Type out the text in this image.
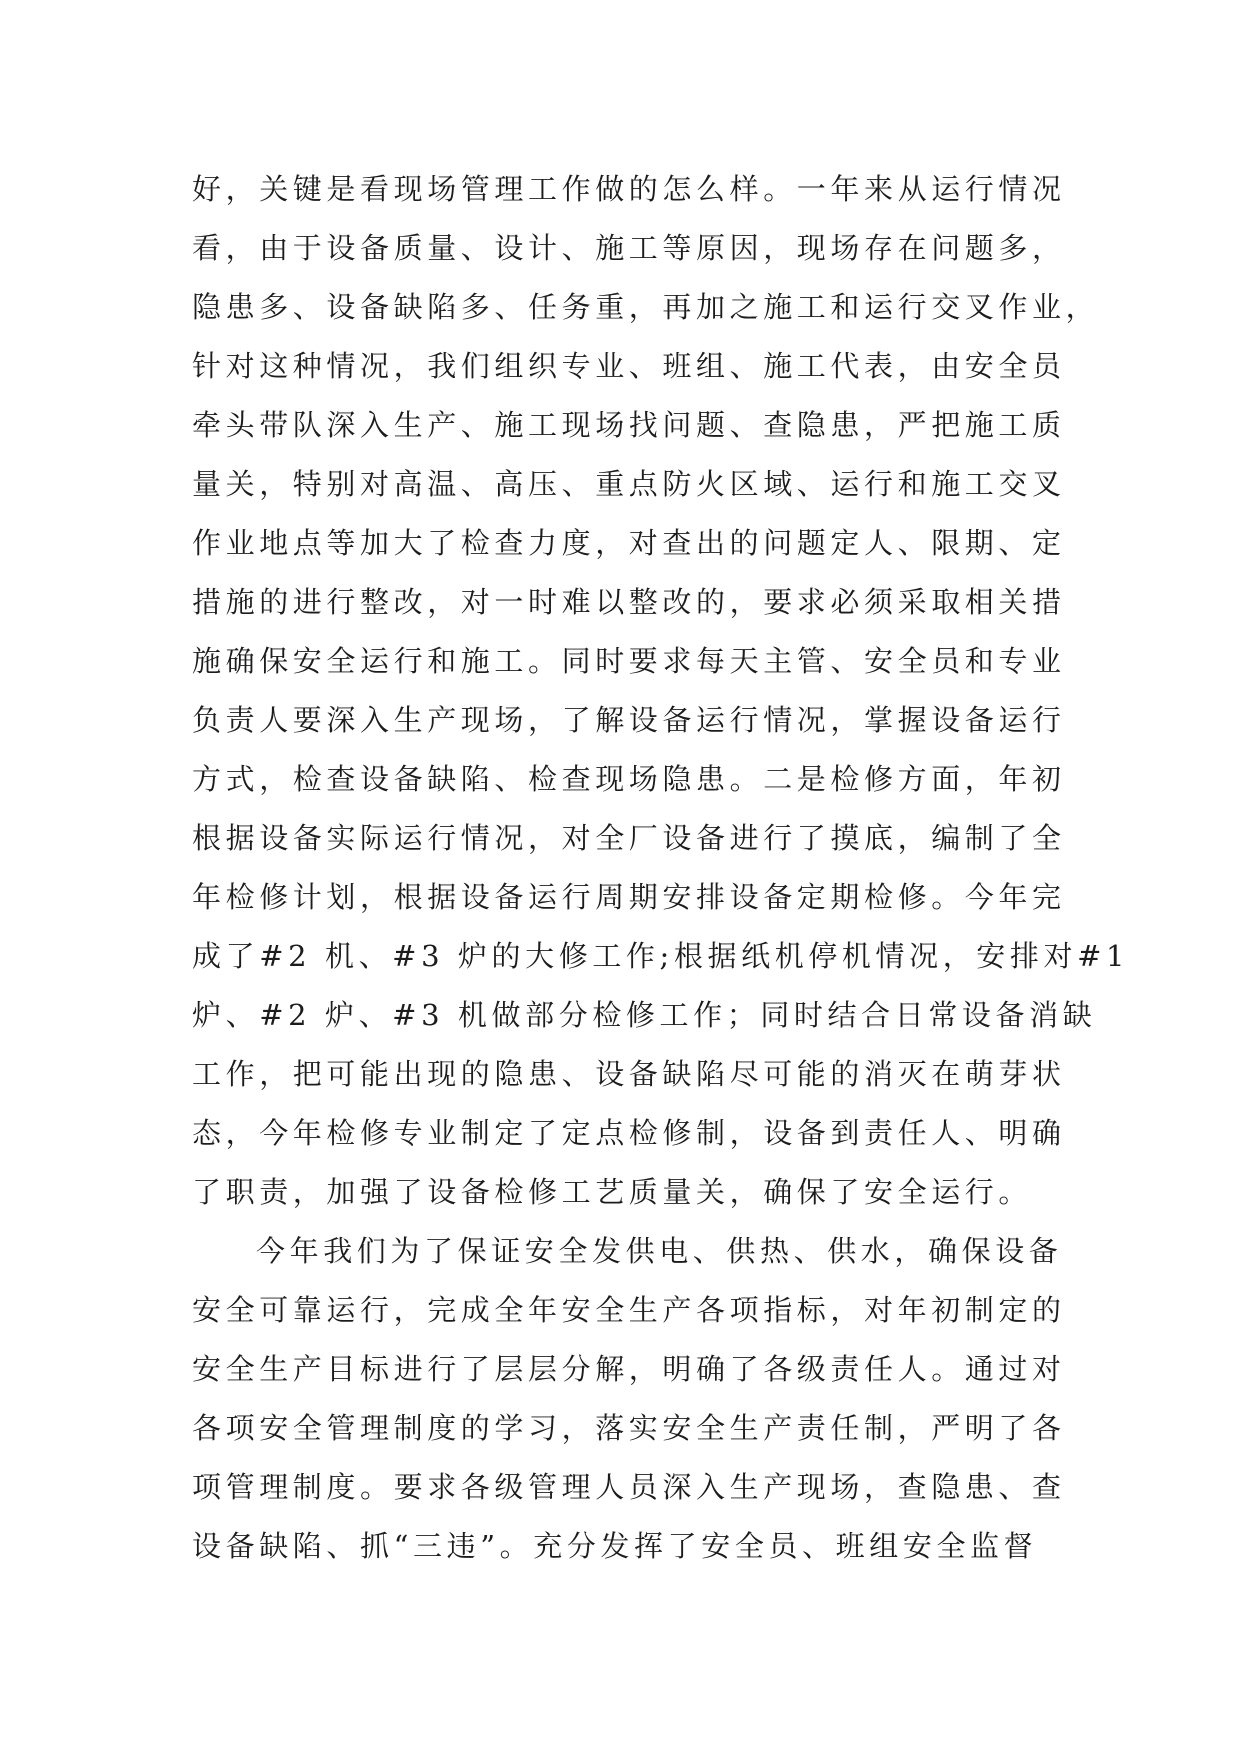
好，关键是看现场管理工作做的怎么样。一年来从运行情况
看，由于设备质量、设计、施工等原因，现场存在问题多，
隐患多、设备缺陷多、任务重，再加之施工和运行交叉作业，
针对这种情况，我们组织专业、班组、施工代表，由安全员
牵头带队深入生产、施工现场找问题、查隐患，严把施工质
量关，特别对高温、高压、重点防火区域、运行和施工交叉
作业地点等加大了检查力度，对查出的问题定人、限期、定
措施的进行整改，对一时难以整改的，要求必须采取相关措
施确保安全运行和施工。同时要求每天主管、安全员和专业
负责人要深入生产现场，了解设备运行情况，掌握设备运行
方式，检查设备缺陷、检查现场隐患。二是检修方面，年初
根据设备实际运行情况，对全厂设备进行了摸底，编制了全
年检修计划，根据设备运行周期安排设备定期检修。今年完
成了#2 机、#3 炉的大修工作;根据纸机停机情况，安排对#1
炉、#2 炉、#3 机做部分检修工作；同时结合日常设备消缺
工作，把可能出现的隐患、设备缺陷尽可能的消灭在萌芽状
态，今年检修专业制定了定点检修制，设备到责任人、明确
了职责，加强了设备检修工艺质量关，确保了安全运行。
今年我们为了保证安全发供电、供热、供水，确保设备
安全可靠运行，完成全年安全生产各项指标，对年初制定的
安全生产目标进行了层层分解，明确了各级责任人。通过对
各项安全管理制度的学习，落实安全生产责任制，严明了各
项管理制度。要求各级管理人员深入生产现场，查隐患、查
设备缺陷、抓“三违”。充分发挥了安全员、班组安全监督
